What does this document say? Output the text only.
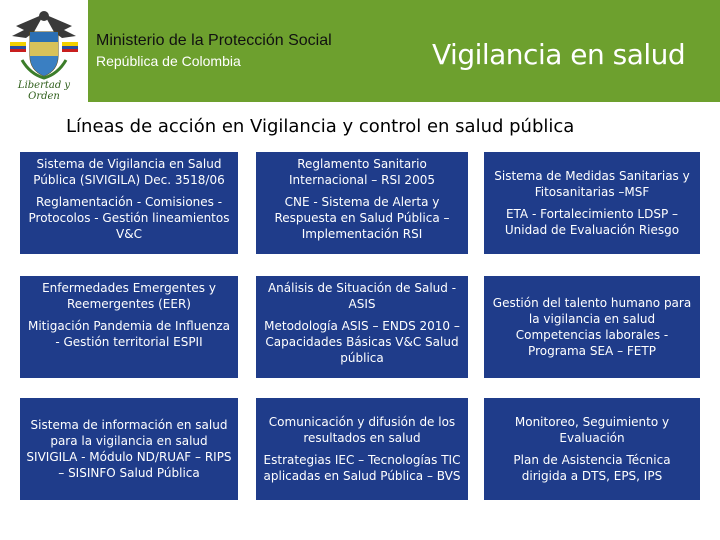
Libertad y Orden
Ministerio de la Protección Social
República de Colombia	Vigilancia en salud
Líneas de acción en Vigilancia y control en salud pública
Sistema de Vigilancia en Salud Pública (SIVIGILA) Dec. 3518/06
Reglamentación - Comisiones - Protocolos - Gestión lineamientos V&C
Reglamento Sanitario Internacional – RSI 2005
CNE - Sistema de Alerta y Respuesta en Salud Pública – Implementación RSI
Sistema de Medidas Sanitarias y Fitosanitarias –MSF
ETA - Fortalecimiento LDSP – Unidad de Evaluación Riesgo
Enfermedades Emergentes y Reemergentes (EER)
Mitigación Pandemia de Influenza - Gestión territorial ESPII
Análisis de Situación de Salud -ASIS
Metodología ASIS – ENDS 2010 – Capacidades Básicas V&C Salud pública
Gestión del talento humano para la vigilancia en salud
Competencias laborales - Programa SEA – FETP
Sistema de información en salud para la vigilancia en salud
SIVIGILA - Módulo ND/RUAF – RIPS – SISINFO Salud Pública
Comunicación y difusión de los resultados en salud
Estrategias IEC – Tecnologías TIC aplicadas en Salud Pública – BVS
Monitoreo, Seguimiento y Evaluación
Plan de Asistencia Técnica dirigida a DTS, EPS, IPS
